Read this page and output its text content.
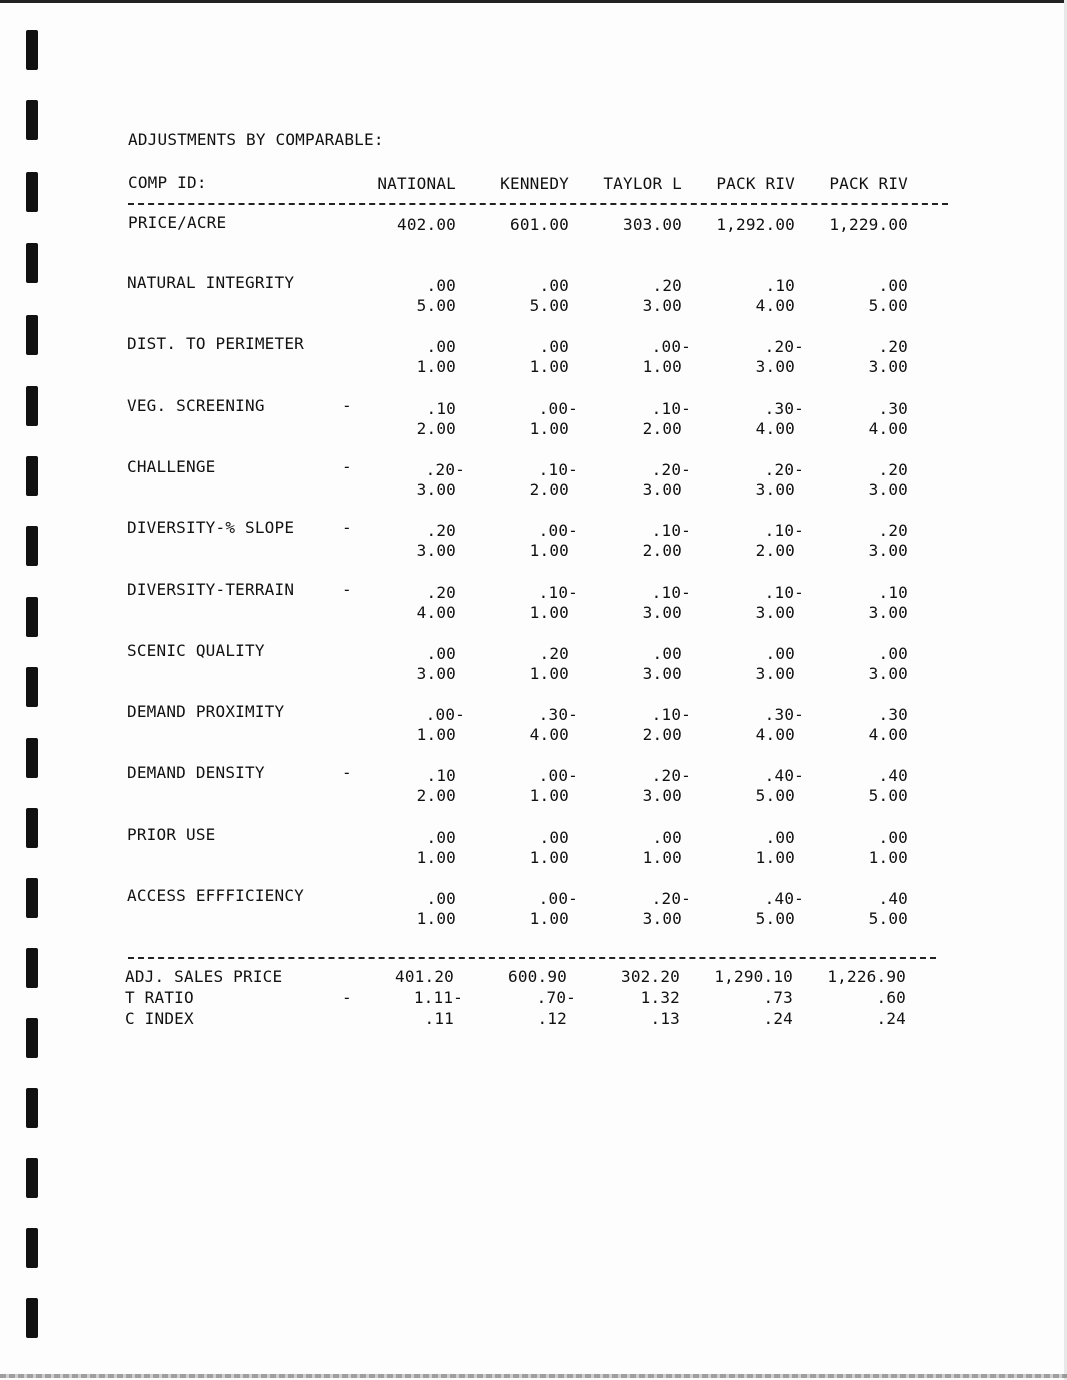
ADJUSTMENTS BY COMPARABLE:
COMP ID:	NATIONAL	KENNEDY	TAYLOR L	PACK RIV	PACK RIV
PRICE/ACRE	402.00	601.00	303.00	1,292.00	1,229.00
NATURAL INTEGRITY	.00	.00	.20	.10	.00
5.00	5.00	3.00	4.00	5.00
DIST. TO PERIMETER	.00	.00	.00-	.20-	.20
1.00	1.00	1.00	3.00	3.00
VEG. SCREENING	-	.10	.00-	.10-	.30-	.30
2.00	1.00	2.00	4.00	4.00
CHALLENGE	-	.20-	.10-	.20-	.20-	.20
3.00	2.00	3.00	3.00	3.00
DIVERSITY-% SLOPE	-	.20	.00-	.10-	.10-	.20
3.00	1.00	2.00	2.00	3.00
DIVERSITY-TERRAIN	-	.20	.10-	.10-	.10-	.10
4.00	1.00	3.00	3.00	3.00
SCENIC QUALITY	.00	.20	.00	.00	.00
3.00	1.00	3.00	3.00	3.00
DEMAND PROXIMITY	.00-	.30-	.10-	.30-	.30
1.00	4.00	2.00	4.00	4.00
DEMAND DENSITY	-	.10	.00-	.20-	.40-	.40
2.00	1.00	3.00	5.00	5.00
PRIOR USE	.00	.00	.00	.00	.00
1.00	1.00	1.00	1.00	1.00
ACCESS EFFFICIENCY	.00	.00-	.20-	.40-	.40
1.00	1.00	3.00	5.00	5.00
ADJ. SALES PRICE	401.20	600.90	302.20	1,290.10	1,226.90
T RATIO	-	1.11-	.70-	1.32	.73	.60
C INDEX	.11	.12	.13	.24	.24
